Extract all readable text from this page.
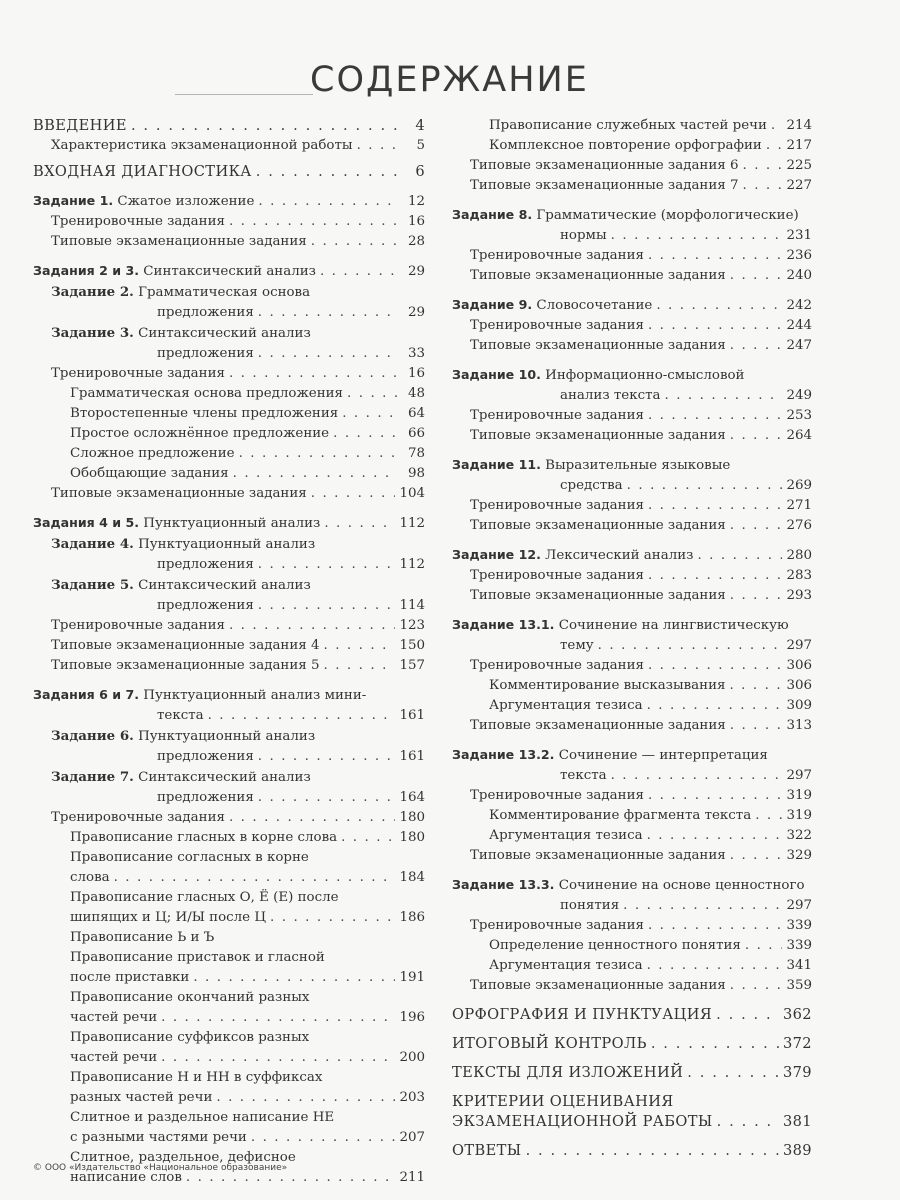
СОДЕРЖАНИЕ
ВВЕДЕНИЕ . . .	4
Характеристика экзаменационной работы . . .	5
ВХОДНАЯ ДИАГНОСТИКА . . .	6
Задание 1. Сжатое изложение . . .	12
Тренировочные задания . . .	16
Типовые экзаменационные задания . . .	28
Задания 2 и 3. Синтаксический анализ . . .	29
Задание 2. Грамматическая основа
предложения . . .	29
Задание 3. Синтаксический анализ
предложения . . .	33
Тренировочные задания . . .	16
Грамматическая основа предложения . . .	48
Второстепенные члены предложения . . .	64
Простое осложнённое предложение . . .	66
Сложное предложение . . .	78
Обобщающие задания . . .	98
Типовые экзаменационные задания . . .	104
Задания 4 и 5. Пунктуационный анализ . . .	112
Задание 4. Пунктуационный анализ
предложения . . .	112
Задание 5. Синтаксический анализ
предложения . . .	114
Тренировочные задания . . .	123
Типовые экзаменационные задания 4 . . .	150
Типовые экзаменационные задания 5 . . .	157
Задания 6 и 7. Пунктуационный анализ мини-
текста . . .	161
Задание 6. Пунктуационный анализ
предложения . . .	161
Задание 7. Синтаксический анализ
предложения . . .	164
Тренировочные задания . . .	180
Правописание гласных в корне слова . . .	180
Правописание согласных в корне
слова . . .	184
Правописание гласных О, Ё (Е) после
шипящих и Ц; И/Ы после Ц . . .	186
Правописание Ь и Ъ
Правописание приставок и гласной
после приставки . . .	191
Правописание окончаний разных
частей речи . . .	196
Правописание суффиксов разных
частей речи . . .	200
Правописание Н и НН в суффиксах
разных частей речи . . .	203
Слитное и раздельное написание НЕ
с разными частями речи . . .	207
Слитное, раздельное, дефисное
написание слов . . .	211
Правописание служебных частей речи . . . 214
Комплексное повторение орфографии . . . 217
Типовые экзаменационные задания 6 . . .	225
Типовые экзаменационные задания 7 . . .	227
Задание 8. Грамматические (морфологические)
нормы . . .	231
Тренировочные задания . . .	236
Типовые экзаменационные задания . . .	240
Задание 9. Словосочетание . . .	242
Тренировочные задания . . .	244
Типовые экзаменационные задания . . .	247
Задание 10. Информационно-смысловой
анализ текста . . .	249
Тренировочные задания . . .	253
Типовые экзаменационные задания . . .	264
Задание 11. Выразительные языковые
средства . . .	269
Тренировочные задания . . .	271
Типовые экзаменационные задания . . .	276
Задание 12. Лексический анализ . . .	280
Тренировочные задания . . .	283
Типовые экзаменационные задания . . .	293
Задание 13.1. Сочинение на лингвистическую
тему . . .	297
Тренировочные задания . . .	306
Комментирование высказывания . . .	306
Аргументация тезиса . . .	309
Типовые экзаменационные задания . . .	313
Задание 13.2. Сочинение — интерпретация
текста . . .	297
Тренировочные задания . . .	319
Комментирование фрагмента текста . . .	319
Аргументация тезиса . . .	322
Типовые экзаменационные задания . . .	329
Задание 13.3. Сочинение на основе ценностного
понятия . . .	297
Тренировочные задания . . .	339
Определение ценностного понятия . . .	339
Аргументация тезиса . . .	341
Типовые экзаменационные задания . . .	359
ОРФОГРАФИЯ И ПУНКТУАЦИЯ . . .	362
ИТОГОВЫЙ КОНТРОЛЬ . . .	372
ТЕКСТЫ ДЛЯ ИЗЛОЖЕНИЙ . . .	379
КРИТЕРИИ ОЦЕНИВАНИЯ
ЭКЗАМЕНАЦИОННОЙ РАБОТЫ . . .	381
ОТВЕТЫ . . .	389
© ООО «Издательство «Национальное образование»
